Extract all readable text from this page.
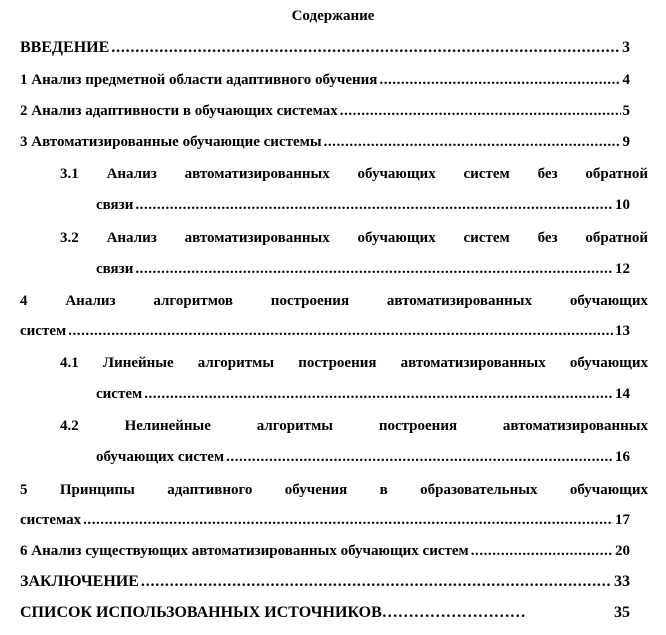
Содержание
ВВЕДЕНИЕ . . .	3
1 Анализ предметной области адаптивного обучения . . .	4
2 Анализ адаптивности в обучающих системах . . .	5
3 Автоматизированные обучающие системы . . .	9
3.1 Анализ автоматизированных обучающих систем без обратной
связи . . .	10
3.2 Анализ автоматизированных обучающих систем без обратной
связи . . .	12
4 Анализ алгоритмов построения автоматизированных обучающих
систем . . .	13
4.1 Линейные алгоритмы построения автоматизированных обучающих
систем . . .	14
4.2 Нелинейные алгоритмы построения автоматизированных
обучающих систем . . .	16
5 Принципы адаптивного обучения в образовательных обучающих
системах . . .	17
6 Анализ существующих автоматизированных обучающих систем . . .	20
ЗАКЛЮЧЕНИЕ . . .	33
СПИСОК ИСПОЛЬЗОВАННЫХ ИСТОЧНИКОВ ………………………	35
